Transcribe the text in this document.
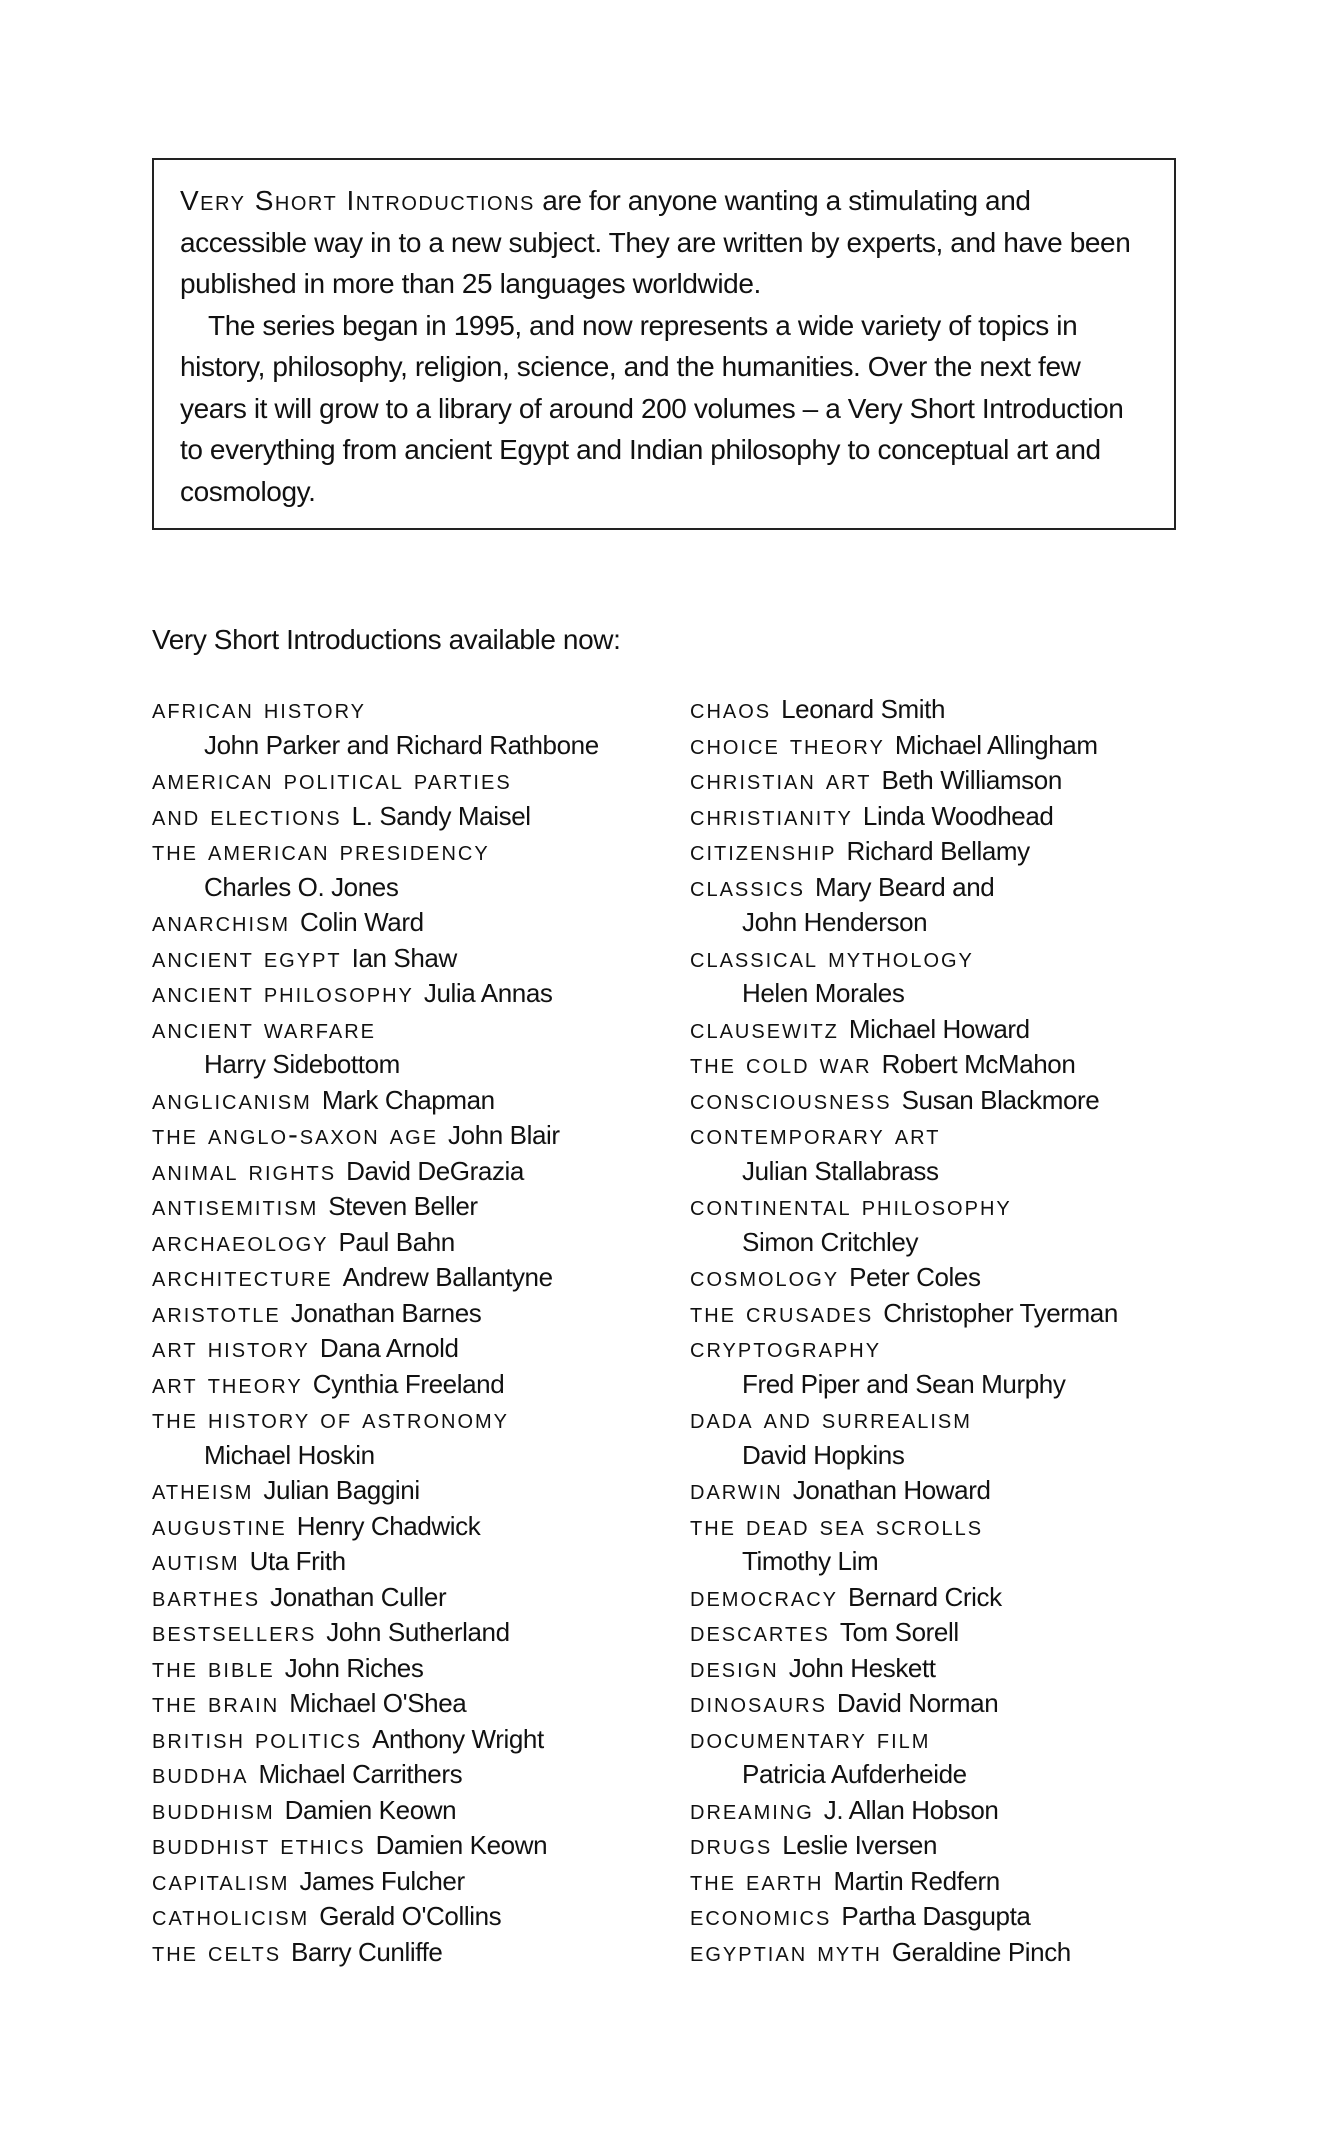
Very Short Introductions are for anyone wanting a stimulating and accessible way in to a new subject. They are written by experts, and have been published in more than 25 languages worldwide.

The series began in 1995, and now represents a wide variety of topics in history, philosophy, religion, science, and the humanities. Over the next few years it will grow to a library of around 200 volumes – a Very Short Introduction to everything from ancient Egypt and Indian philosophy to conceptual art and cosmology.

Very Short Introductions available now:
african history
John Parker and Richard Rathbone
american political parties
and elections L. Sandy Maisel
the american presidency
Charles O. Jones
anarchism Colin Ward
ancient egypt Ian Shaw
ancient philosophy Julia Annas
ancient warfare
Harry Sidebottom
anglicanism Mark Chapman
the anglo-saxon age John Blair
animal rights David DeGrazia
antisemitism Steven Beller
archaeology Paul Bahn
architecture Andrew Ballantyne
aristotle Jonathan Barnes
art history Dana Arnold
art theory Cynthia Freeland
the history of astronomy
Michael Hoskin
atheism Julian Baggini
augustine Henry Chadwick
autism Uta Frith
barthes Jonathan Culler
bestsellers John Sutherland
the bible John Riches
the brain Michael O'Shea
british politics Anthony Wright
buddha Michael Carrithers
buddhism Damien Keown
buddhist ethics Damien Keown
capitalism James Fulcher
catholicism Gerald O'Collins
the celts Barry Cunliffe
chaos Leonard Smith
choice theory Michael Allingham
christian art Beth Williamson
christianity Linda Woodhead
citizenship Richard Bellamy
classics Mary Beard and
John Henderson
classical mythology
Helen Morales
clausewitz Michael Howard
the cold war Robert McMahon
consciousness Susan Blackmore
contemporary art
Julian Stallabrass
continental philosophy
Simon Critchley
cosmology Peter Coles
the crusades Christopher Tyerman
cryptography
Fred Piper and Sean Murphy
dada and surrealism
David Hopkins
darwin Jonathan Howard
the dead sea scrolls
Timothy Lim
democracy Bernard Crick
descartes Tom Sorell
design John Heskett
dinosaurs David Norman
documentary film
Patricia Aufderheide
dreaming J. Allan Hobson
drugs Leslie Iversen
the earth Martin Redfern
economics Partha Dasgupta
egyptian myth Geraldine Pinch
